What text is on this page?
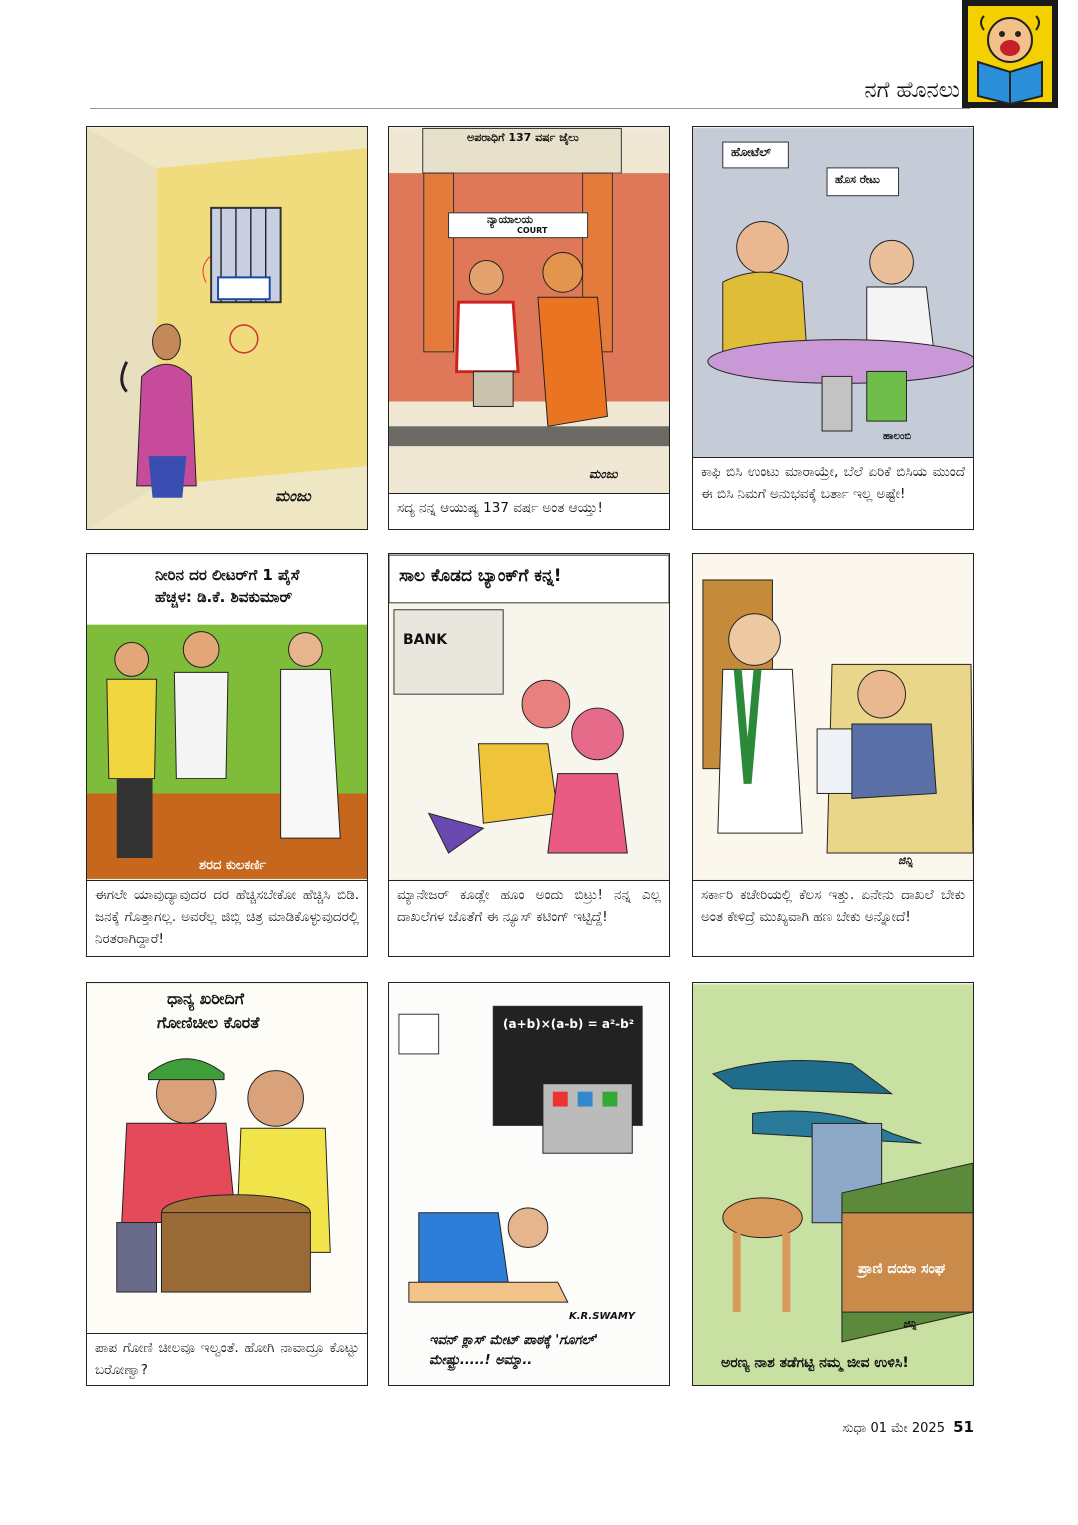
ನಗೆ ಹೊನಲು
ಮಂಜು
ಅಪರಾಧಿಗೆ 137 ವರ್ಷ ಜೈಲು
ನ್ಯಾಯಾಲಯ
COURT
ಮಂಜು
ಸದ್ಯ ನನ್ನ ಆಯುಷ್ಯ 137 ವರ್ಷ ಅಂತ ಆಯ್ತು!
ಹೋಟೆಲ್
ಹೊಸ ರೇಟು
ಹಾಲಂಬಿ
ಕಾಫಿ ಬಿಸಿ ಉಂಟು ಮಾರಾಯ್ರೇ, ಬೆಲೆ ಏರಿಕೆ ಬಿಸಿಯ ಮುಂದೆ ಈ ಬಿಸಿ ನಿಮಗೆ ಅನುಭವಕ್ಕೆ ಬರ್ತಾ ಇಲ್ಲ ಅಷ್ಟೇ!
ನೀರಿನ ದರ ಲೀಟರ್‌ಗೆ 1 ಪೈಸೆ
ಹೆಚ್ಚಳ: ಡಿ.ಕೆ. ಶಿವಕುಮಾರ್
ಶರದ ಕುಲಕರ್ಣಿ
ಈಗಲೇ ಯಾವುದ್ಯಾವುದರ ದರ ಹೆಚ್ಚಿಸಬೇಕೋ ಹೆಚ್ಚಿಸಿ ಬಿಡಿ. ಜನಕ್ಕೆ ಗೊತ್ತಾಗಲ್ಲ. ಅವರೆಲ್ಲ ಜಿಬ್ಲಿ ಚಿತ್ರ ಮಾಡಿಕೊಳ್ಳುವುದರಲ್ಲಿ ನಿರತರಾಗಿದ್ದಾರೆ!
ಸಾಲ ಕೊಡದ ಬ್ಯಾಂಕ್‌ಗೆ ಕನ್ನ!
BANK
ಮ್ಯಾನೇಜರ್ ಕೂಡ್ಲೇ ಹೂಂ ಅಂದು ಬಿಟ್ರು! ನನ್ನ ಎಲ್ಲ ದಾಖಲೆಗಳ ಜೊತೆಗೆ ಈ ನ್ಯೂಸ್ ಕಟಿಂಗ್ ಇಟ್ಟಿದ್ದೆ!
ಜಿನ್ನಿ
ಸರ್ಕಾರಿ ಕಚೇರಿಯಲ್ಲಿ ಕೆಲಸ ಇತ್ತು. ಏನೇನು ದಾಖಲೆ ಬೇಕು ಅಂತ ಕೇಳಿದ್ರೆ ಮುಖ್ಯವಾಗಿ ಹಣ ಬೇಕು ಅನ್ನೋದೆ!
ಧಾನ್ಯ ಖರೀದಿಗೆ
ಗೋಣಿಚೀಲ ಕೊರತೆ
ಪಾಪ ಗೋಣಿ ಚೀಲವೂ ಇಲ್ವಂತೆ. ಹೋಗಿ ನಾವಾದ್ರೂ ಕೊಟ್ಟು ಬರೋಣ್ವಾ?
(a+b)×(a-b) = a²-b²
K.R.SWAMY
ಇವನ್ ಕ್ಲಾಸ್ ಮೇಟ್ ಪಾಠಕ್ಕೆ 'ಗೂಗಲ್' ಮೇಷ್ಟ್ರು.....! ಅಮ್ಮಾ..
ಪ್ರಾಣಿ ದಯಾ ಸಂಘ
ಜಿನ್ನಿ
ಅರಣ್ಯ ನಾಶ ತಡೆಗಟ್ಟಿ ನಮ್ಮ ಜೀವ ಉಳಿಸಿ!
ಸುಧಾ 01 ಮೇ 2025 51
